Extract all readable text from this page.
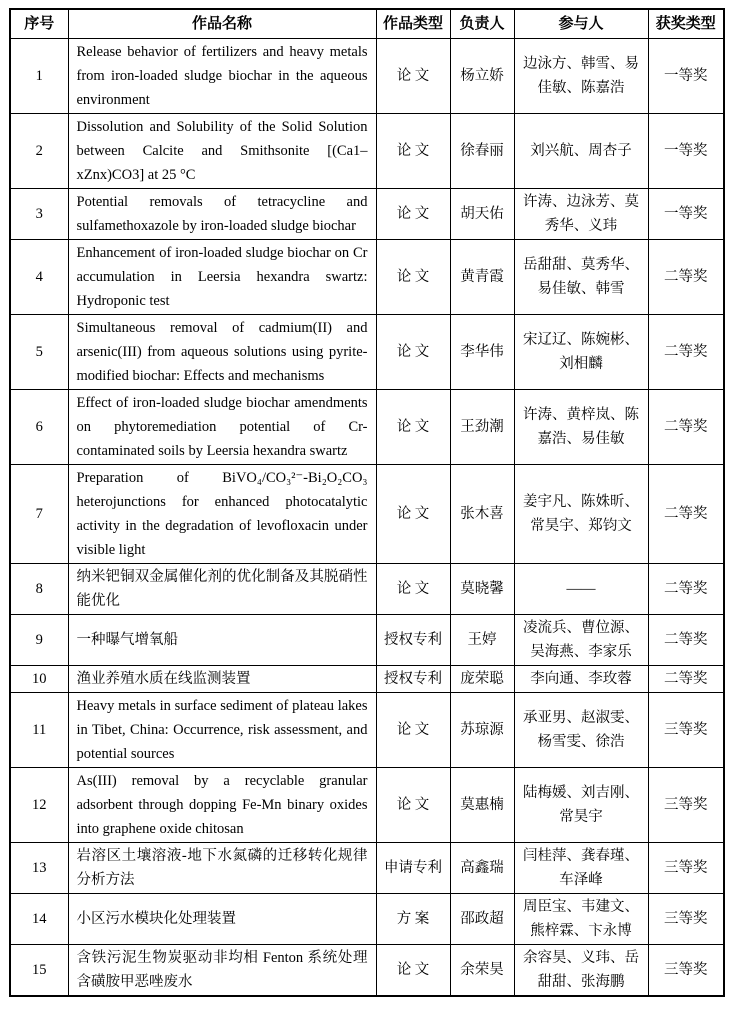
序号	作品名称	作品类型	负责人	参与人	获奖类型
1	Release behavior of fertilizers and heavy metals from iron-loaded sludge biochar in the aqueous environment	论 文	杨立娇	边泳方、韩雪、易佳敏、陈嘉浩	一等奖
2	Dissolution and Solubility of the Solid Solution between Calcite and Smithsonite [(Ca1–xZnx)CO3] at 25 °C	论 文	徐春丽	刘兴航、周杏子	一等奖
3	Potential removals of tetracycline and sulfamethoxazole by iron-loaded sludge biochar	论 文	胡天佑	许涛、边泳芳、莫秀华、义玮	一等奖
4	Enhancement of iron-loaded sludge biochar on Cr accumulation in Leersia hexandra swartz: Hydroponic test	论 文	黄青霞	岳甜甜、莫秀华、易佳敏、韩雪	二等奖
5	Simultaneous removal of cadmium(II) and arsenic(III) from aqueous solutions using pyrite-modified biochar: Effects and mechanisms	论 文	李华伟	宋辽辽、陈婉彬、刘相麟	二等奖
6	Effect of iron-loaded sludge biochar amendments on phytoremediation potential of Cr-contaminated soils by Leersia hexandra swartz	论 文	王劲潮	许涛、黄梓岚、陈嘉浩、易佳敏	二等奖
7	Preparation of BiVO₄/CO₃²⁻-Bi₂O₂CO₃ heterojunctions for enhanced photocatalytic activity in the degradation of levofloxacin under visible light	论 文	张木喜	姜宇凡、陈姝昕、常昊宇、郑钧文	二等奖
8	纳米钯铜双金属催化剂的优化制备及其脱硝性能优化	论 文	莫晓馨	——	二等奖
9	一种曝气增氧船	授权专利	王婷	凌流兵、曹位源、吴海燕、李家乐	二等奖
10	渔业养殖水质在线监测装置	授权专利	庞荣聪	李向通、李玫蓉	二等奖
11	Heavy metals in surface sediment of plateau lakes in Tibet, China: Occurrence, risk assessment, and potential sources	论 文	苏琼源	承亚男、赵淑雯、杨雪雯、徐浩	三等奖
12	As(III) removal by a recyclable granular adsorbent through dopping Fe-Mn binary oxides into graphene oxide chitosan	论 文	莫惠楠	陆梅媛、刘吉刚、常昊宇	三等奖
13	岩溶区土壤溶液-地下水氮磷的迁移转化规律分析方法	申请专利	高鑫瑞	闫桂萍、龚春瑾、车泽峰	三等奖
14	小区污水模块化处理装置	方 案	邵政超	周臣宝、韦建文、熊梓霖、卞永博	三等奖
15	含铁污泥生物炭驱动非均相 Fenton 系统处理含磺胺甲恶唑废水	论 文	余荣昊	余容昊、义玮、岳甜甜、张海鹏	三等奖
